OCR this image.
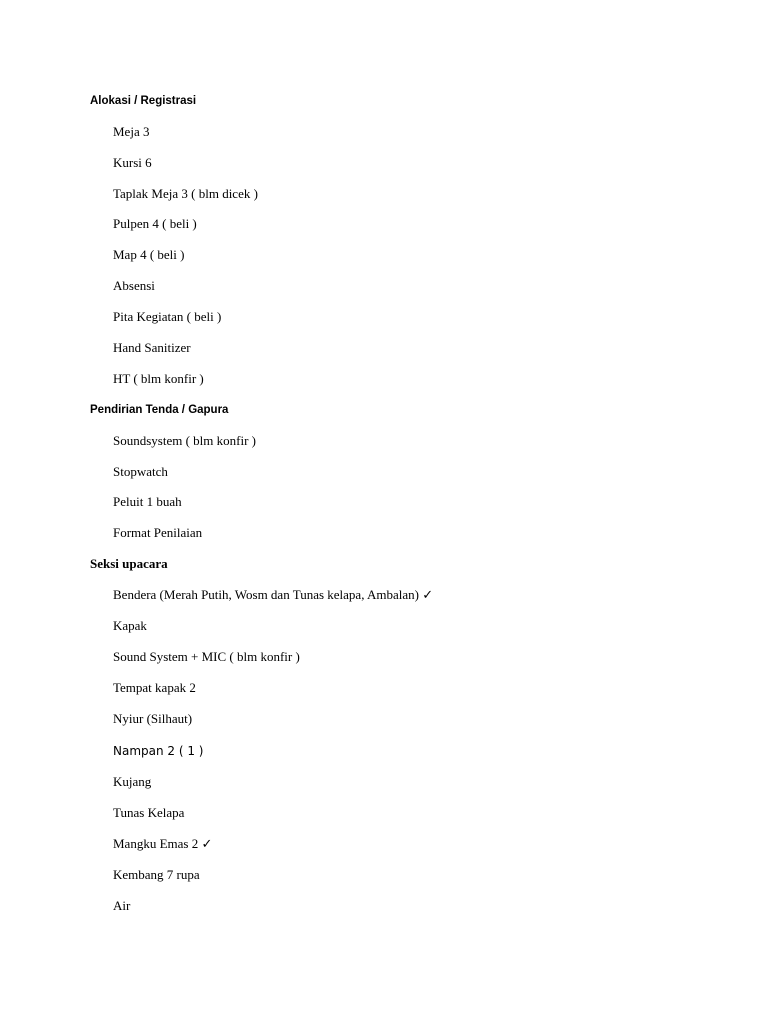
Alokasi / Registrasi
Meja 3
Kursi 6
Taplak Meja 3 ( blm dicek )
Pulpen 4 ( beli )
Map 4 ( beli )
Absensi
Pita Kegiatan ( beli )
Hand Sanitizer
HT ( blm konfir )
Pendirian Tenda / Gapura
Soundsystem ( blm konfir )
Stopwatch
Peluit 1 buah
Format Penilaian
Seksi upacara
Bendera (Merah Putih, Wosm dan Tunas kelapa, Ambalan) ✓
Kapak
Sound System + MIC ( blm konfir )
Tempat kapak 2
Nyiur (Silhaut)
Nampan 2 ( 1 )
Kujang
Tunas Kelapa
Mangku Emas 2 ✓
Kembang 7 rupa
Air
